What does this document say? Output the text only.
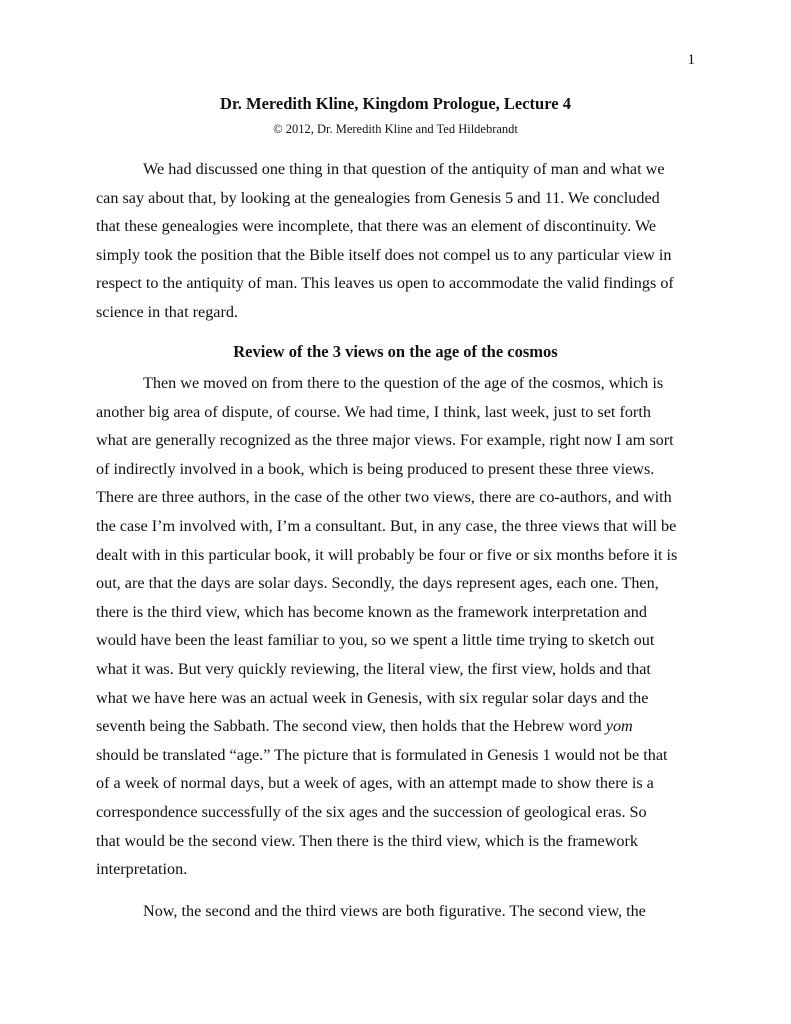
1
Dr. Meredith Kline, Kingdom Prologue, Lecture 4
© 2012, Dr. Meredith Kline and Ted Hildebrandt
We had discussed one thing in that question of the antiquity of man and what we
can say about that, by looking at the genealogies from Genesis 5 and 11. We concluded
that these genealogies were incomplete, that there was an element of discontinuity. We
simply took the position that the Bible itself does not compel us to any particular view in
respect to the antiquity of man. This leaves us open to accommodate the valid findings of
science in that regard.
Review of the 3 views on the age of the cosmos
Then we moved on from there to the question of the age of the cosmos, which is
another big area of dispute, of course. We had time, I think, last week, just to set forth
what are generally recognized as the three major views. For example, right now I am sort
of indirectly involved in a book, which is being produced to present these three views.
There are three authors, in the case of the other two views, there are co-authors, and with
the case I’m involved with, I’m a consultant. But, in any case, the three views that will be
dealt with in this particular book, it will probably be four or five or six months before it is
out, are that the days are solar days. Secondly, the days represent ages, each one. Then,
there is the third view, which has become known as the framework interpretation and
would have been the least familiar to you, so we spent a little time trying to sketch out
what it was. But very quickly reviewing, the literal view, the first view, holds and that
what we have here was an actual week in Genesis, with six regular solar days and the
seventh being the Sabbath. The second view, then holds that the Hebrew word yom
should be translated “age.” The picture that is formulated in Genesis 1 would not be that
of a week of normal days, but a week of ages, with an attempt made to show there is a
correspondence successfully of the six ages and the succession of geological eras. So
that would be the second view. Then there is the third view, which is the framework
interpretation.
Now, the second and the third views are both figurative. The second view, the
